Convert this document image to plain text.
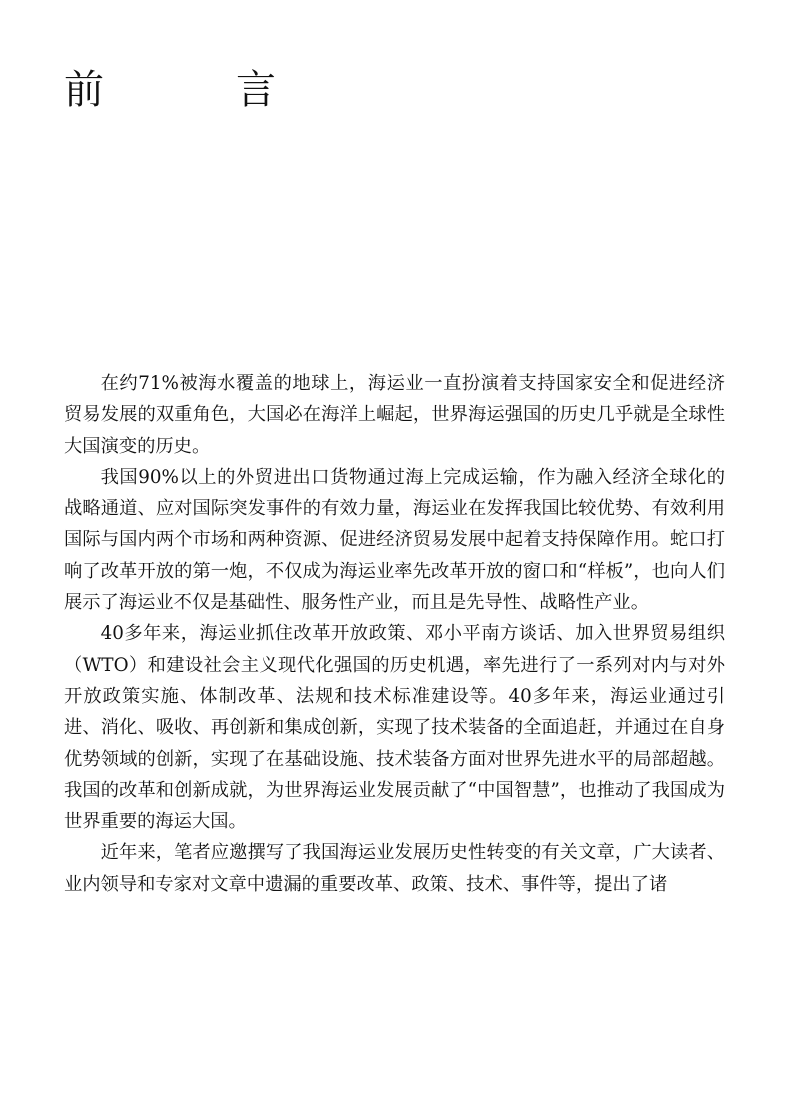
前　言

在约71%被海水覆盖的地球上，海运业一直扮演着支持国家安全和促进经济贸易发展的双重角色，大国必在海洋上崛起，世界海运强国的历史几乎就是全球性大国演变的历史。

我国90%以上的外贸进出口货物通过海上完成运输，作为融入经济全球化的战略通道、应对国际突发事件的有效力量，海运业在发挥我国比较优势、有效利用国际与国内两个市场和两种资源、促进经济贸易发展中起着支持保障作用。蛇口打响了改革开放的第一炮，不仅成为海运业率先改革开放的窗口和“样板”，也向人们展示了海运业不仅是基础性、服务性产业，而且是先导性、战略性产业。

40多年来，海运业抓住改革开放政策、邓小平南方谈话、加入世界贸易组织（WTO）和建设社会主义现代化强国的历史机遇，率先进行了一系列对内与对外开放政策实施、体制改革、法规和技术标准建设等。40多年来，海运业通过引进、消化、吸收、再创新和集成创新，实现了技术装备的全面追赶，并通过在自身优势领域的创新，实现了在基础设施、技术装备方面对世界先进水平的局部超越。我国的改革和创新成就，为世界海运业发展贡献了“中国智慧”，也推动了我国成为世界重要的海运大国。

近年来，笔者应邀撰写了我国海运业发展历史性转变的有关文章，广大读者、业内领导和专家对文章中遗漏的重要改革、政策、技术、事件等，提出了诸
